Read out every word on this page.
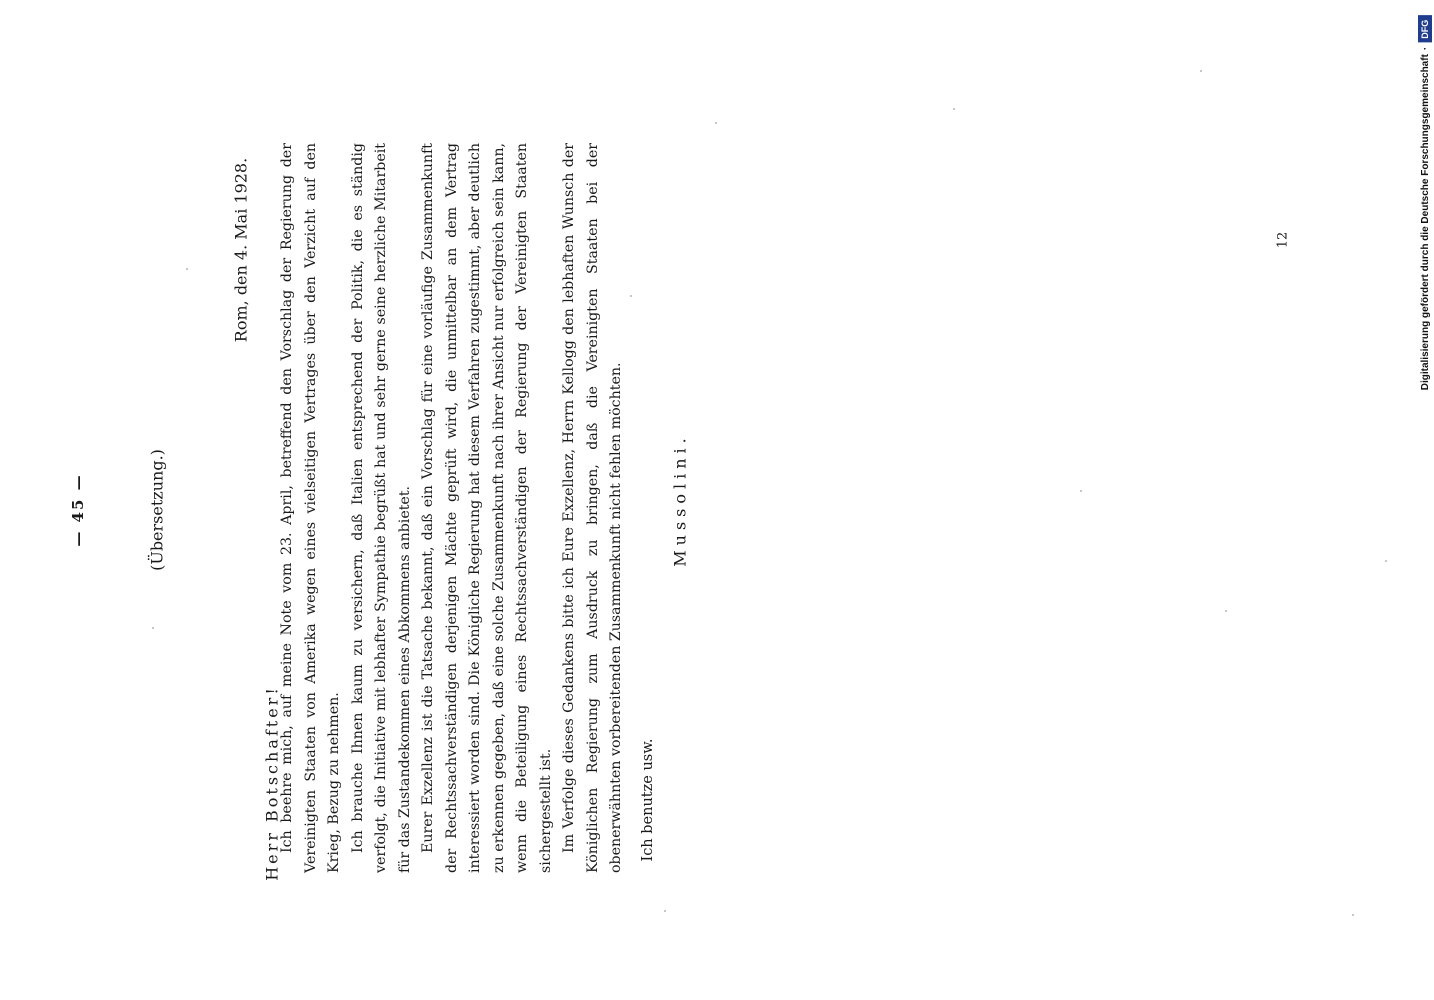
— 45 —	(Übersetzung.)
Rom, den 4. Mai 1928.
Herr Botschafter!

Ich beehre mich, auf meine Note vom 23. April, betreffend den Vorschlag der Regierung der Vereinigten Staaten von Amerika wegen eines vielseitigen Vertrages über den Verzicht auf den Krieg, Bezug zu nehmen. Ich brauche Ihnen kaum zu versichern, daß Italien entsprechend der Politik, die es ständig verfolgt, die Initiative mit lebhafter Sympathie begrüßt hat und sehr gerne seine herzliche Mitarbeit für das Zustandekommen eines Abkommens anbietet. Eurer Exzellenz ist die Tatsache bekannt, daß ein Vorschlag für eine vorläufige Zusammenkunft der Rechtssachverständigen derjenigen Mächte geprüft wird, die unmittelbar an dem Vertrag interessiert worden sind. Die Königliche Regierung hat diesem Verfahren zugestimmt, aber deutlich zu erkennen gegeben, daß eine solche Zusammenkunft nach ihrer Ansicht nur erfolgreich sein kann, wenn die Beteiligung eines Rechtssachverständigen der Regierung der Vereinigten Staaten sichergestellt ist. Im Verfolge dieses Gedankens bitte ich Eure Exzellenz, Herrn Kellogg den lebhaften Wunsch der Königlichen Regierung zum Ausdruck zu bringen, daß die Vereinigten Staaten bei der obenerwähnten vorbereitenden Zusammenkunft nicht fehlen möchten.	Ich benutze usw.
Mussolini.
12	Digitalisierung gefördert durch die Deutsche Forschungsgemeinschaft
·
DFG
